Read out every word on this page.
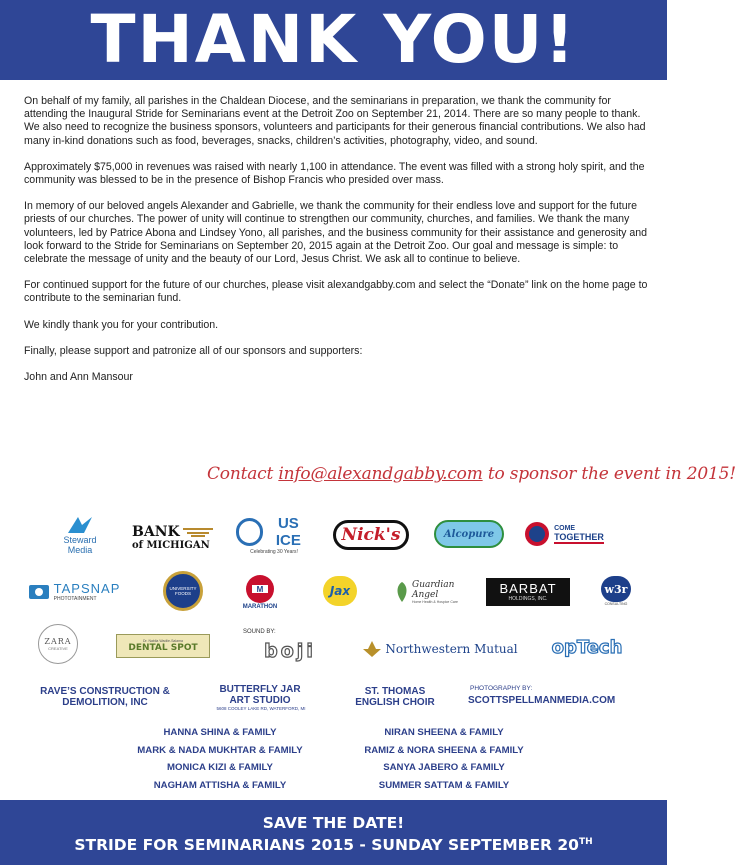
THANK YOU!

On behalf of my family, all parishes in the Chaldean Diocese, and the seminarians in preparation, we thank the community for attending the Inaugural Stride for Seminarians event at the Detroit Zoo on September 21, 2014. There are so many people to thank. We also need to recognize the business sponsors, volunteers and participants for their generous financial contributions. We also had many in-kind donations such as food, beverages, snacks, children’s activities, photography, video, and sound.

Approximately $75,000 in revenues was raised with nearly 1,100 in attendance. The event was filled with a strong holy spirit, and the community was blessed to be in the presence of Bishop Francis who presided over mass.

In memory of our beloved angels Alexander and Gabrielle, we thank the community for their endless love and support for the future priests of our churches. The power of unity will continue to strengthen our community, churches, and families. We thank the many volunteers, led by Patrice Abona and Lindsey Yono, all parishes, and the business community for their assistance and generosity and look forward to the Stride for Seminarians on September 20, 2015 again at the Detroit Zoo. Our goal and message is simple: to celebrate the message of unity and the beauty of our Lord, Jesus Christ. We ask all to continue to believe.

For continued support for the future of our churches, please visit alexandgabby.com and select the “Donate” link on the home page to contribute to the seminarian fund.

We kindly thank you for your contribution.

Finally, please support and patronize all of our sponsors and supporters:

John and Ann Mansour

Contact info@alexandgabby.com to sponsor the event in 2015!
Steward
Media
BANK
of MICHIGAN
US ICE
Celebrating 30 Years!
Nick's	Alcopure
COME
TOGETHER
TAPSNAP
PHOTOTAINMENT
UNIVERSITY FOODS	M
MARATHON
Jax	Guardian Angel
Home Health & Hospice Care
BARBAT
HOLDINGS, INC.
w3r
CONSULTING
ZARA
CREATIVE
Dr. Nabila Wadiie-Salama
DENTAL SPOT
SOUND BY:
boji	Northwestern Mutual opTech
RAVE’S CONSTRUCTION & DEMOLITION, INC
BUTTERFLY JAR ART STUDIO
5608 COOLEY LAKE RD, WATERFORD, MI
ST. THOMAS ENGLISH CHOIR
PHOTOGRAPHY BY:
SCOTTSPELLMANMEDIA.COM
HANNA SHINA & FAMILY
MARK & NADA MUKHTAR & FAMILY
MONICA KIZI & FAMILY
NAGHAM ATTISHA & FAMILY
NIRAN SHEENA & FAMILY
RAMIZ & NORA SHEENA & FAMILY
SANYA JABERO & FAMILY
SUMMER SATTAM & FAMILY
SAVE THE DATE!
STRIDE FOR SEMINARIANS 2015 - SUNDAY SEPTEMBER 20TH
